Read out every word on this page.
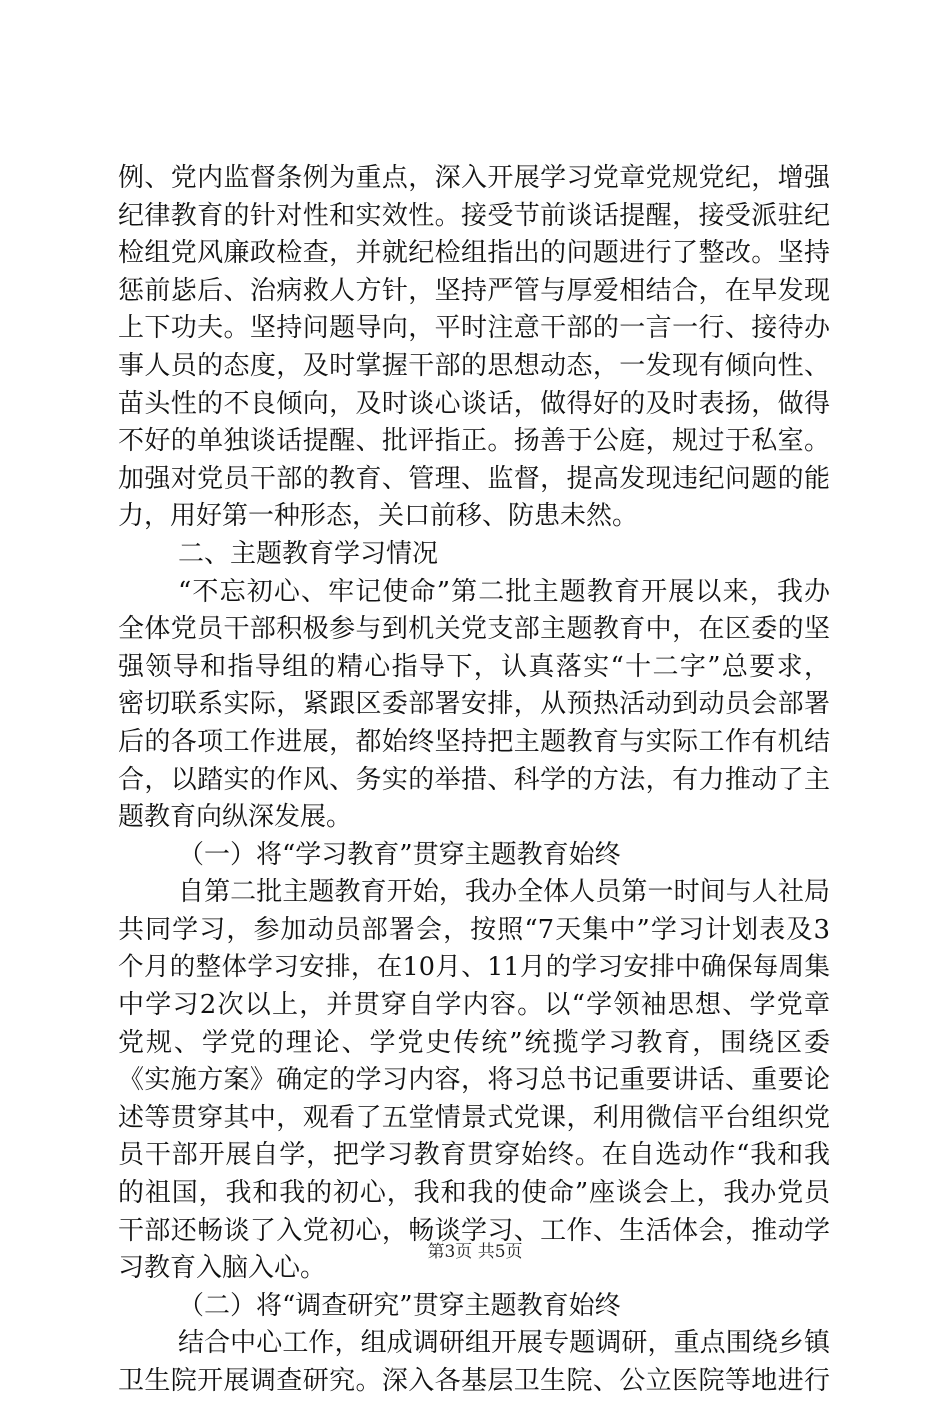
例、党内监督条例为重点，深入开展学习党章党规党纪，增强
纪律教育的针对性和实效性。接受节前谈话提醒，接受派驻纪
检组党风廉政检查，并就纪检组指出的问题进行了整改。坚持
惩前毖后、治病救人方针，坚持严管与厚爱相结合，在早发现
上下功夫。坚持问题导向，平时注意干部的一言一行、接待办
事人员的态度，及时掌握干部的思想动态，一发现有倾向性、
苗头性的不良倾向，及时谈心谈话，做得好的及时表扬，做得
不好的单独谈话提醒、批评指正。扬善于公庭，规过于私室。
加强对党员干部的教育、管理、监督，提高发现违纪问题的能
力，用好第一种形态，关口前移、防患未然。
二、主题教育学习情况
“不忘初心、牢记使命”第二批主题教育开展以来，我办
全体党员干部积极参与到机关党支部主题教育中，在区委的坚
强领导和指导组的精心指导下，认真落实“十二字”总要求，
密切联系实际，紧跟区委部署安排，从预热活动到动员会部署
后的各项工作进展，都始终坚持把主题教育与实际工作有机结
合，以踏实的作风、务实的举措、科学的方法，有力推动了主
题教育向纵深发展。
（一）将“学习教育”贯穿主题教育始终
自第二批主题教育开始，我办全体人员第一时间与人社局
共同学习，参加动员部署会，按照“7天集中”学习计划表及3
个月的整体学习安排，在10月、11月的学习安排中确保每周集
中学习2次以上，并贯穿自学内容。以“学领袖思想、学党章
党规、学党的理论、学党史传统”统揽学习教育，围绕区委
《实施方案》确定的学习内容，将习总书记重要讲话、重要论
述等贯穿其中，观看了五堂情景式党课，利用微信平台组织党
员干部开展自学，把学习教育贯穿始终。在自选动作“我和我
的祖国，我和我的初心，我和我的使命”座谈会上，我办党员
干部还畅谈了入党初心，畅谈学习、工作、生活体会，推动学
习教育入脑入心。
（二）将“调查研究”贯穿主题教育始终
结合中心工作，组成调研组开展专题调研，重点围绕乡镇
卫生院开展调查研究。深入各基层卫生院、公立医院等地进行
第3页 共5页
